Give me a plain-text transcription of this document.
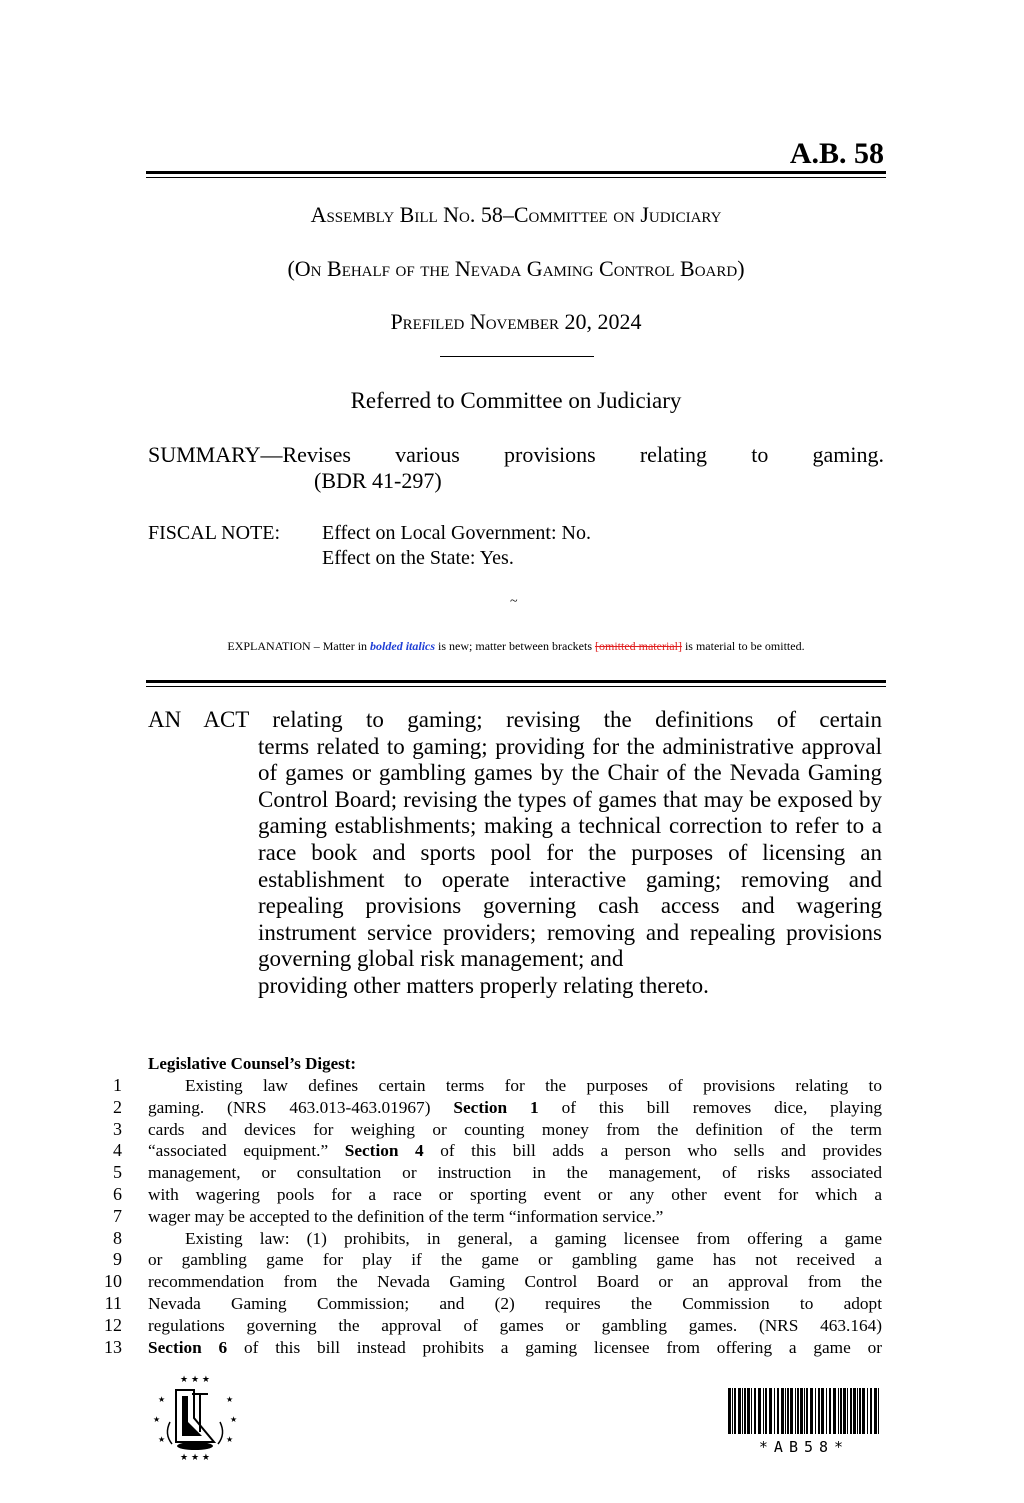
A.B. 58
Assembly Bill No. 58–Committee on Judiciary
(On Behalf of the Nevada Gaming Control Board)
Prefiled November 20, 2024
Referred to Committee on Judiciary
SUMMARY—Revises various provisions relating to gaming.
(BDR 41-297)
FISCAL NOTE: Effect on Local Government: No.
Effect on the State: Yes.
~
EXPLANATION – Matter in bolded italics is new; matter between brackets [omitted material] is material to be omitted.
AN ACT relating to gaming; revising the definitions of certain
terms related to gaming; providing for the administrative approval of games or gambling games by the Chair of the Nevada Gaming Control Board; revising the types of games that may be exposed by gaming establishments; making a technical correction to refer to a race book and sports pool for the purposes of licensing an establishment to operate interactive gaming; removing and repealing provisions governing cash access and wagering instrument service providers; removing and repealing provisions governing global risk management; and
providing other matters properly relating thereto.
Legislative Counsel’s Digest:
1	Existing law defines certain terms for the purposes of provisions relating to
2 gaming. (NRS 463.013-463.01967) Section 1 of this bill removes dice, playing
3 cards and devices for weighing or counting money from the definition of the term
4 “associated equipment.” Section 4 of this bill adds a person who sells and provides
5 management, or consultation or instruction in the management, of risks associated
6 with wagering pools for a race or sporting event or any other event for which a
7 wager may be accepted to the definition of the term “information service.”
8	Existing law: (1) prohibits, in general, a gaming licensee from offering a game
9 or gambling game for play if the game or gambling game has not received a
10 recommendation from the Nevada Gaming Control Board or an approval from the
11 Nevada Gaming Commission; and (2) requires the Commission to adopt
12 regulations governing the approval of games or gambling games. (NRS 463.164)
13 Section 6 of this bill instead prohibits a gaming licensee from offering a game or
★ ★ ★
★	★
★	★
★	★
★ ★ ★
*AB58*
